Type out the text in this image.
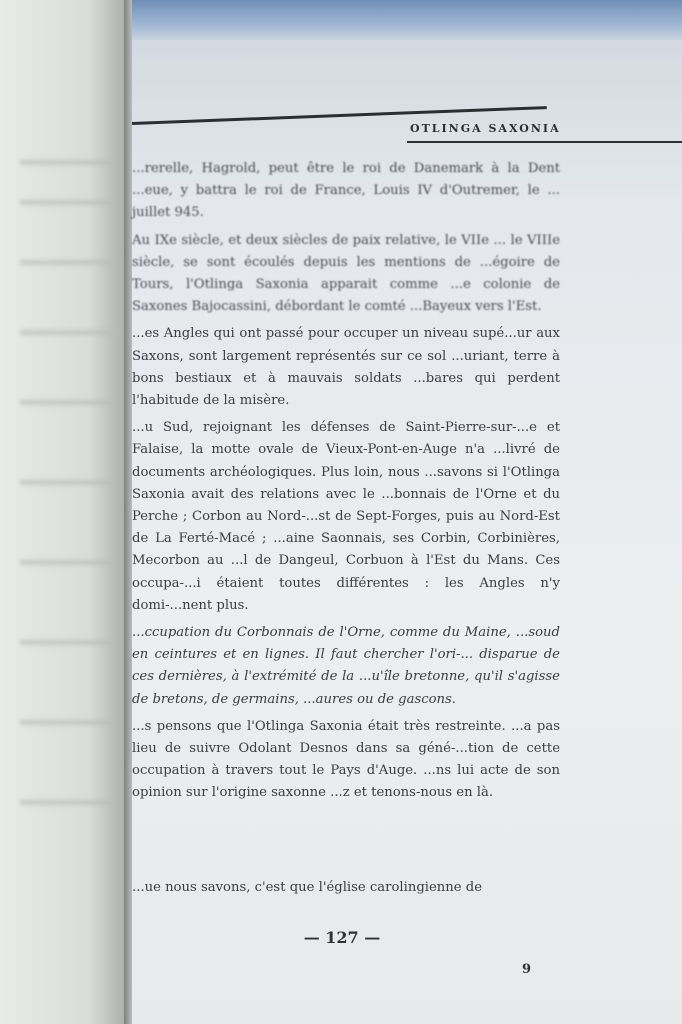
OTLINGA SAXONIA

...rerelle, Hagrold, peut être le roi de Danemark à la Dent ...eue, y battra le roi de France, Louis IV d'Outremer, le ... juillet 945.

Au IXe siècle, et deux siècles de paix relative, le VIIe ... le VIIIe siècle, se sont écoulés depuis les mentions de ...égoire de Tours, l'Otlinga Saxonia apparait comme ...e colonie de Saxones Bajocassini, débordant le comté ...Bayeux vers l'Est.

...es Angles qui ont passé pour occuper un niveau supé...ur aux Saxons, sont largement représentés sur ce sol ...uriant, terre à bons bestiaux et à mauvais soldats ...bares qui perdent l'habitude de la misère.

...u Sud, rejoignant les défenses de Saint-Pierre-sur-...e et Falaise, la motte ovale de Vieux-Pont-en-Auge n'a ...livré de documents archéologiques. Plus loin, nous ...savons si l'Otlinga Saxonia avait des relations avec le ...bonnais de l'Orne et du Perche ; Corbon au Nord-...st de Sept-Forges, puis au Nord-Est de La Ferté-Macé ; ...aine Saonnais, ses Corbin, Corbinières, Mecorbon au ...l de Dangeul, Corbuon à l'Est du Mans. Ces occupa-...i étaient toutes différentes : les Angles n'y domi-...nent plus.

...ccupation du Corbonnais de l'Orne, comme du Maine, ...soud en ceintures et en lignes. Il faut chercher l'ori-... disparue de ces dernières, à l'extrémité de la ...u'île bretonne, qu'il s'agisse de bretons, de germains, ...aures ou de gascons.

...s pensons que l'Otlinga Saxonia était très restreinte. ...a pas lieu de suivre Odolant Desnos dans sa géné-...tion de cette occupation à travers tout le Pays d'Auge. ...ns lui acte de son opinion sur l'origine saxonne ...z et tenons-nous en là.

...ue nous savons, c'est que l'église carolingienne de
— 127 —
9
